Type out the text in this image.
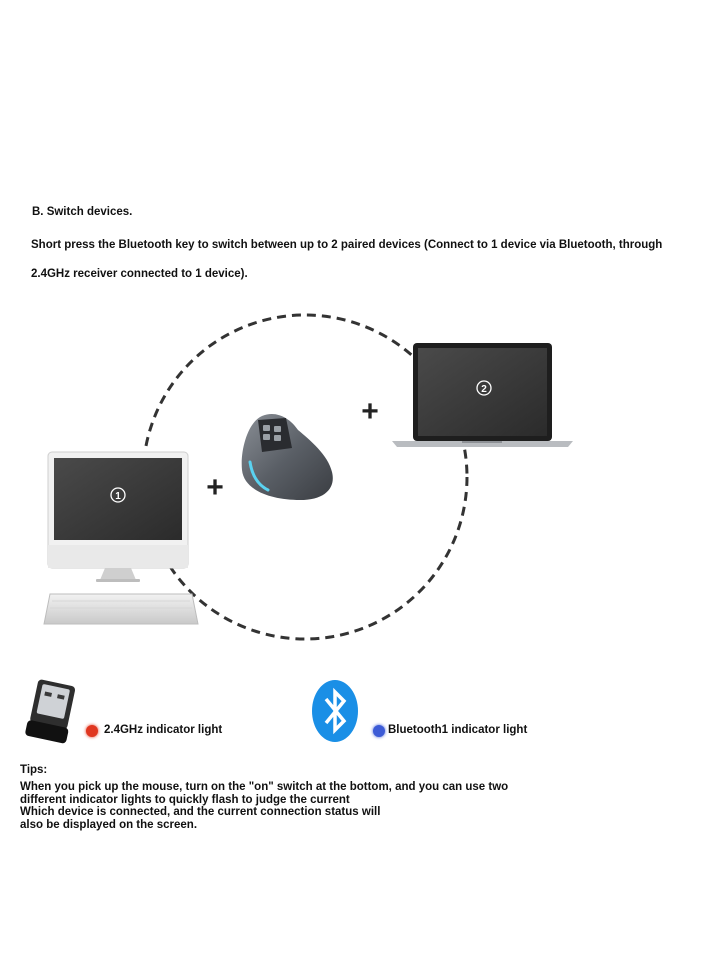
B. Switch devices.
Short press the Bluetooth key to switch between up to 2 paired devices (Connect to 1 device via Bluetooth, through 2.4GHz receiver connected to 1 device).
1	+
+
2
2.4GHz indicator light	Bluetooth1 indicator light
Tips:
When you pick up the mouse, turn on the "on" switch at the bottom, and you can use two
different indicator lights to quickly flash to judge the current
Which device is connected, and the current connection status will
also be displayed on the screen.
